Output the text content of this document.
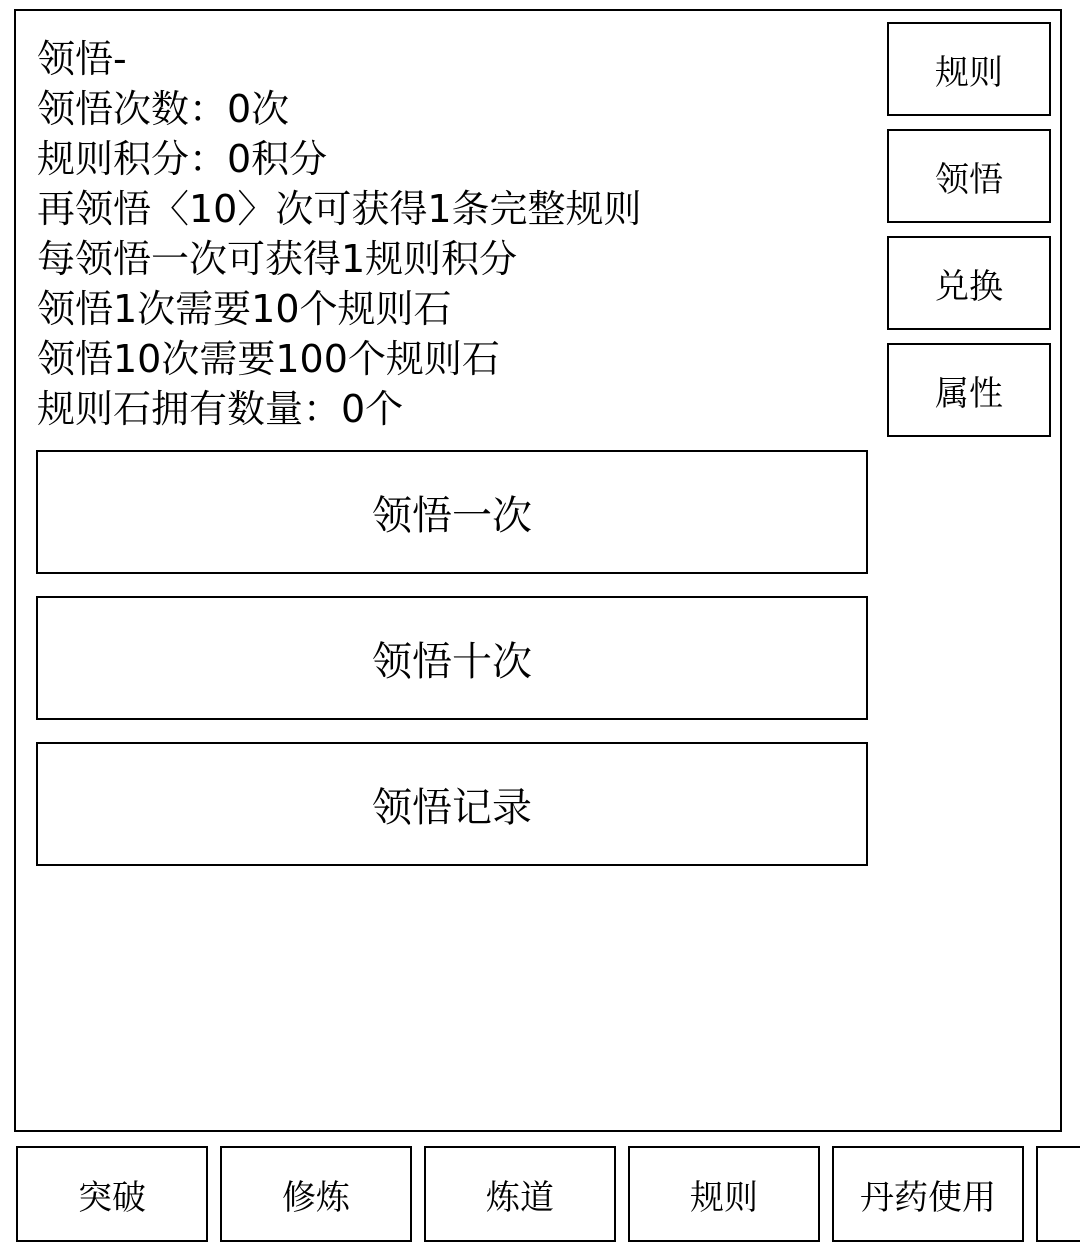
领悟-
领悟次数：0次
规则积分：0积分
再领悟〈10〉次可获得1条完整规则
每领悟一次可获得1规则积分
领悟1次需要10个规则石
领悟10次需要100个规则石
规则石拥有数量：0个
规则
领悟
兑换
属性
领悟一次
领悟十次
领悟记录
突破	修炼	炼道	规则	丹药使用
